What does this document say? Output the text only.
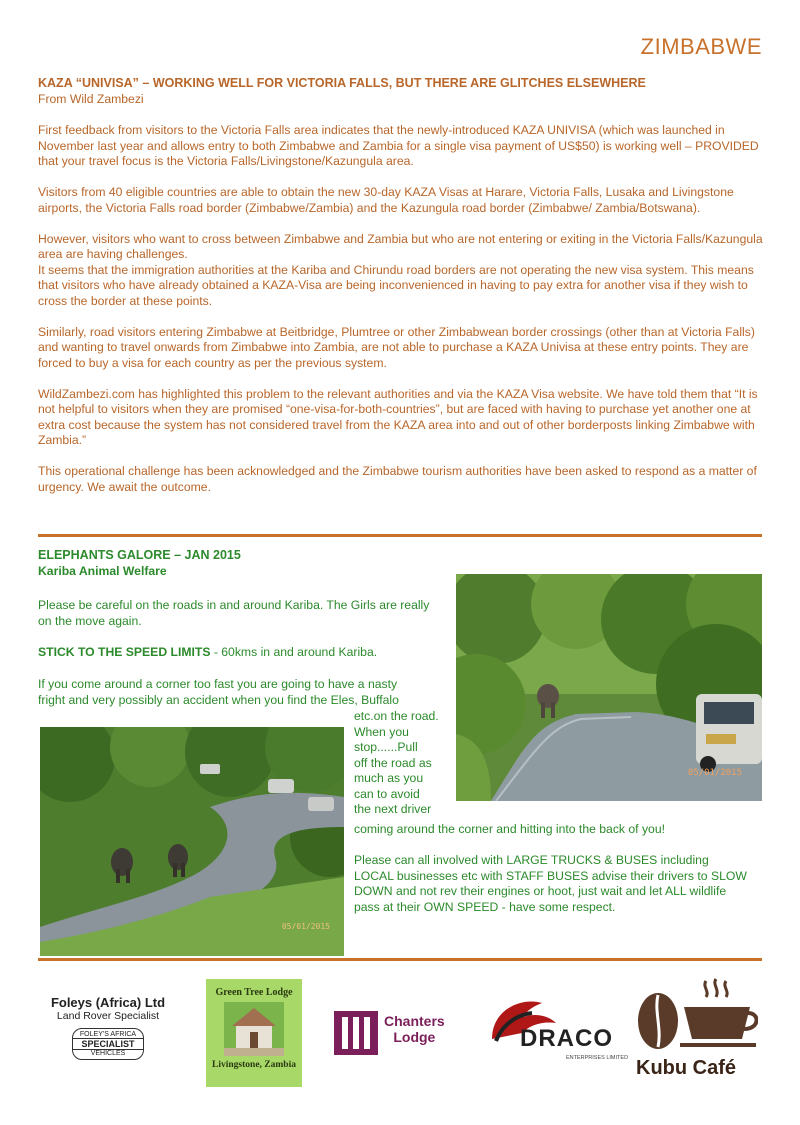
ZIMBABWE
KAZA “UNIVISA” – WORKING WELL FOR VICTORIA FALLS, BUT THERE ARE GLITCHES ELSEWHERE
From Wild Zambezi

First feedback from visitors to the Victoria Falls area indicates that the newly-introduced KAZA UNIVISA (which was launched in November last year and allows entry to both Zimbabwe and Zambia for a single visa payment of US$50) is working well – PROVIDED that your travel focus is the Victoria Falls/Livingstone/Kazungula area.

Visitors from 40 eligible countries are able to obtain the new 30-day KAZA Visas at Harare, Victoria Falls, Lusaka and Livingstone airports, the Victoria Falls road border (Zimbabwe/Zambia) and the Kazungula road border (Zimbabwe/ Zambia/Botswana).

However, visitors who want to cross between Zimbabwe and Zambia but who are not entering or exiting in the Victoria Falls/Kazungula area are having challenges.

It seems that the immigration authorities at the Kariba and Chirundu road borders are not operating the new visa system. This means that visitors who have already obtained a KAZA-Visa are being inconvenienced in having to pay extra for another visa if they wish to cross the border at these points.

Similarly, road visitors entering Zimbabwe at Beitbridge, Plumtree or other Zimbabwean border crossings (other than at Victoria Falls) and wanting to travel onwards from Zimbabwe into Zambia, are not able to purchase a KAZA Univisa at these entry points. They are forced to buy a visa for each country as per the previous system.

WildZambezi.com has highlighted this problem to the relevant authorities and via the KAZA Visa website. We have told them that “It is not helpful to visitors when they are promised “one-visa-for-both-countries”, but are faced with having to purchase yet another one at extra cost because the system has not considered travel from the KAZA area into and out of other borderposts linking Zimbabwe with Zambia.”

This operational challenge has been acknowledged and the Zimbabwe tourism authorities have been asked to respond as a matter of urgency. We await the outcome.

ELEPHANTS GALORE – JAN 2015
Kariba Animal Welfare
Please be careful on the roads in and around Kariba. The Girls are really on the move again.
STICK TO THE SPEED LIMITS - 60kms in and around Kariba.
If you come around a corner too fast you are going to have a nasty
fright and very possibly an accident when you find the Eles, Buffalo
etc.on the road.
When you
stop......Pull
off the road as
much as you
can to avoid
the next driver
coming around the corner and hitting into the back of you!
Please can all involved with LARGE TRUCKS & BUSES including LOCAL businesses etc with STAFF BUSES advise their drivers to SLOW DOWN and not rev their engines or hoot, just wait and let ALL wildlife pass at their OWN SPEED - have some respect.
05/01/2015
05/01/2015
Foleys (Africa) Ltd
Land Rover Specialist
FOLEY'S AFRICA
SPECIALIST
VEHICLES
Green Tree Lodge
Livingstone, Zambia
Chanters
Lodge	DRACO
ENTERPRISES LIMITED Kubu Café
